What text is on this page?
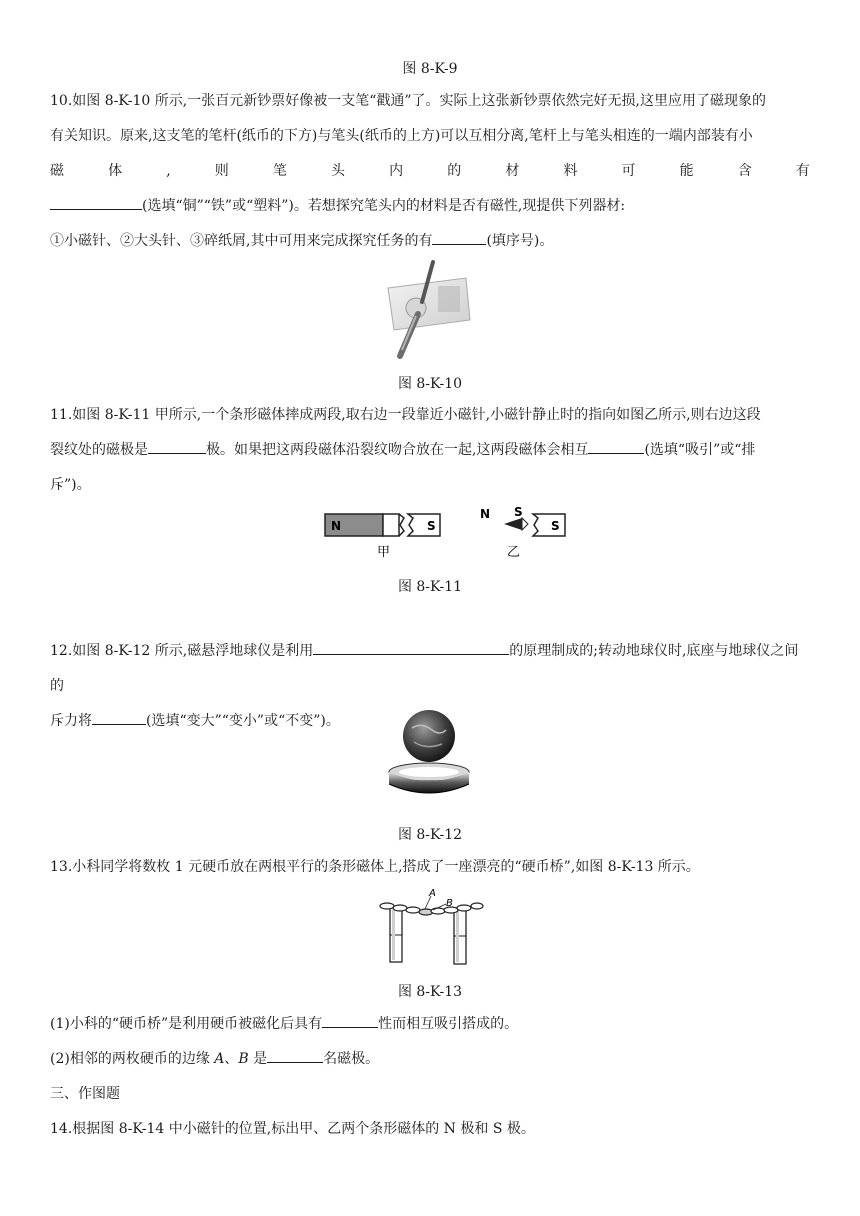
图 8-K-9
10.如图 8-K-10 所示,一张百元新钞票好像被一支笔“戳通”了。实际上这张新钞票依然完好无损,这里应用了磁现象的
有关知识。原来,这支笔的笔杆(纸币的下方)与笔头(纸币的上方)可以互相分离,笔杆上与笔头相连的一端内部装有小
磁	体	,	则	笔	头	内	的	材	料	可	能	含	有
(选填“铜”“铁”或“塑料”)。若想探究笔头内的材料是否有磁性,现提供下列器材:
①小磁针、②大头针、③碎纸屑,其中可用来完成探究任务的有	(填序号)。
图 8-K-10
11.如图 8-K-11 甲所示,一个条形磁体摔成两段,取右边一段靠近小磁针,小磁针静止时的指向如图乙所示,则右边这段
裂纹处的磁极是	极。如果把这两段磁体沿裂纹吻合放在一起,这两段磁体会相互	(选填“吸引”或“排
斥”)。
N	S
甲
N S
S
乙
图 8-K-11
12.如图 8-K-12 所示,磁悬浮地球仪是利用	的原理制成的;转动地球仪时,底座与地球仪之间的
斥力将	(选填“变大”“变小”或“不变”)。
图 8-K-12
13.小科同学将数枚 1 元硬币放在两根平行的条形磁体上,搭成了一座漂亮的“硬币桥”,如图 8-K-13 所示。
A
B
图 8-K-13
(1)小科的“硬币桥”是利用硬币被磁化后具有	性而相互吸引搭成的。
(2)相邻的两枚硬币的边缘 A、B 是	名磁极。
三、作图题
14.根据图 8-K-14 中小磁针的位置,标出甲、乙两个条形磁体的 N 极和 S 极。
